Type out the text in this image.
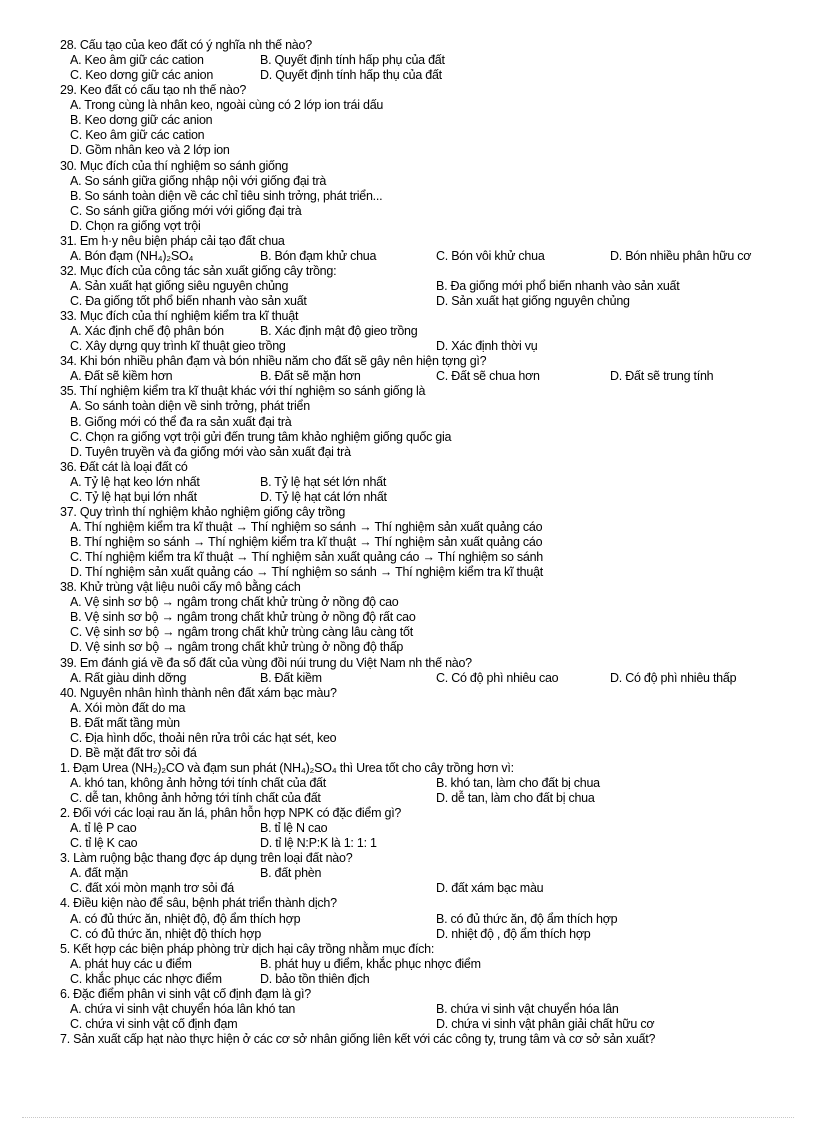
28. Cấu tạo của keo đất có ý nghĩa nh thế nào?
A. Keo âm giữ các cation	B. Quyết định tính hấp phụ của đất
C. Keo dơng giữ các anion	D. Quyết định tính hấp thụ của đất
29. Keo đất có cấu tạo nh thế nào?
A. Trong cùng là nhân keo, ngoài cùng có 2 lớp ion trái dấu
B. Keo dơng giữ các anion
C. Keo âm giữ các cation
D. Gồm nhân keo và 2 lớp ion
30. Mục đích của thí nghiệm so sánh giống
A. So sánh giữa giống nhập nội với giống đại trà
B. So sánh toàn diện về các chỉ tiêu sinh trởng, phát triển...
C. So sánh giữa giống mới với giống đại trà
D. Chọn ra giống vợt trội
31. Em h·y nêu biện pháp cải tạo đất chua
A. Bón đạm (NH₄)₂SO₄	B. Bón đạm khử chua	C. Bón vôi khử chua	D. Bón nhiều phân hữu cơ
32. Mục đích của công tác sản xuất giống cây trồng:
A. Sản xuất hạt giống siêu nguyên chủng	B. Đa giống mới phổ biến nhanh vào sản xuất
C. Đa giống tốt phổ biến nhanh vào sản xuất	D. Sản xuất hạt giống nguyên chủng
33. Mục đích của thí nghiệm kiểm tra kĩ thuật
A. Xác định chế độ phân bón	B. Xác định mật độ gieo trồng
C. Xây dựng quy trình kĩ thuật gieo trồng	D. Xác định thời vụ
34. Khi bón nhiều phân đạm và bón nhiều năm cho đất sẽ gây nên hiện tợng gì?
A. Đất sẽ kiềm hơn	B. Đất sẽ mặn hơn	C. Đất sẽ chua hơn	D. Đất sẽ trung tính
35. Thí nghiệm kiểm tra kĩ thuật khác với thí nghiệm so sánh giống là
A. So sánh toàn diện về sinh trởng, phát triển
B. Giống mới có thể đa ra sản xuất đại trà
C. Chọn ra giống vợt trội gửi đến trung tâm khảo nghiệm giống quốc gia
D. Tuyên truyền và đa giống mới vào sản xuất đại trà
36. Đất cát là loại đất có
A. Tỷ lệ hạt keo lớn nhất	B. Tỷ lệ hạt sét lớn nhất
C. Tỷ lệ hạt bụi lớn nhất	D. Tỷ lệ hạt cát lớn nhất
37. Quy trình thí nghiệm khảo nghiệm giống cây trồng
A. Thí nghiệm kiểm tra kĩ thuật → Thí nghiệm so sánh → Thí nghiệm sản xuất quảng cáo
B. Thí nghiệm so sánh → Thí nghiệm kiểm tra kĩ thuật → Thí nghiệm sản xuất quảng cáo
C. Thí nghiệm kiểm tra kĩ thuật → Thí nghiệm sản xuất quảng cáo → Thí nghiệm so sánh
D. Thí nghiệm sản xuất quảng cáo → Thí nghiệm so sánh → Thí nghiệm kiểm tra kĩ thuật
38. Khử trùng vật liệu nuôi cấy mô bằng cách
A. Vệ sinh sơ bộ → ngâm trong chất khử trùng ở nồng độ cao
B. Vệ sinh sơ bộ → ngâm trong chất khử trùng ở nồng độ rất cao
C. Vệ sinh sơ bộ → ngâm trong chất khử trùng càng lâu càng tốt
D. Vệ sinh sơ bộ → ngâm trong chất khử trùng ở nồng độ thấp
39. Em đánh giá về đa số đất của vùng đồi núi trung du Việt Nam nh thế nào?
A. Rất giàu dinh dỡng	B. Đất kiềm	C. Có độ phì nhiêu cao	D. Có độ phì nhiêu thấp
40. Nguyên nhân hình thành nên đất xám bạc màu?
A. Xói mòn đất do ma
B. Đất mất tầng mùn
C. Địa hình dốc, thoải nên rửa trôi các hạt sét, keo
D. Bề mặt đất trơ sỏi đá
1. Đạm Urea (NH₂)₂CO và đạm sun phát (NH₄)₂SO₄ thì Urea tốt cho cây trồng hơn vì:
A. khó tan, không ảnh hởng tới tính chất của đất	B. khó tan, làm cho đất bị chua
C. dễ tan, không ảnh hởng tới tính chất của đất	D. dễ tan, làm cho đất bị chua
2. Đối với các loại rau ăn lá, phân hỗn hợp NPK có đặc điểm gì?
A. tỉ lệ P cao	B. tỉ lệ N cao
C. tỉ lệ K cao	D. tỉ lệ N:P:K là 1: 1: 1
3. Làm ruộng bậc thang đợc áp dụng trên loại đất nào?
A. đất mặn	B. đất phèn
C. đất xói mòn mạnh trơ sỏi đá	D. đất xám bạc màu
4. Điều kiện nào để sâu, bệnh phát triển thành dịch?
A. có đủ thức ăn, nhiệt độ, độ ẩm thích hợp	B. có đủ thức ăn, độ ẩm thích hợp
C. có đủ thức ăn, nhiệt độ thích hợp	D. nhiệt độ , độ ẩm thích hợp
5. Kết hợp các biện pháp phòng trừ dịch hại cây trồng nhằm mục đích:
A. phát huy các u điểm	B. phát huy u điểm, khắc phục nhợc điểm
C. khắc phục các nhợc điểm	D. bảo tồn thiên địch
6. Đặc điểm phân vi sinh vật cố định đạm là gì?
A. chứa vi sinh vật chuyển hóa lân khó tan	B. chứa vi sinh vật chuyển hóa lân
C. chứa vi sinh vật cố định đạm	D. chứa vi sinh vật phân giải chất hữu cơ
7. Sản xuất cấp hạt nào thực hiện ở các cơ sở nhân giống liên kết với các công ty, trung tâm và cơ sở sản xuất?
